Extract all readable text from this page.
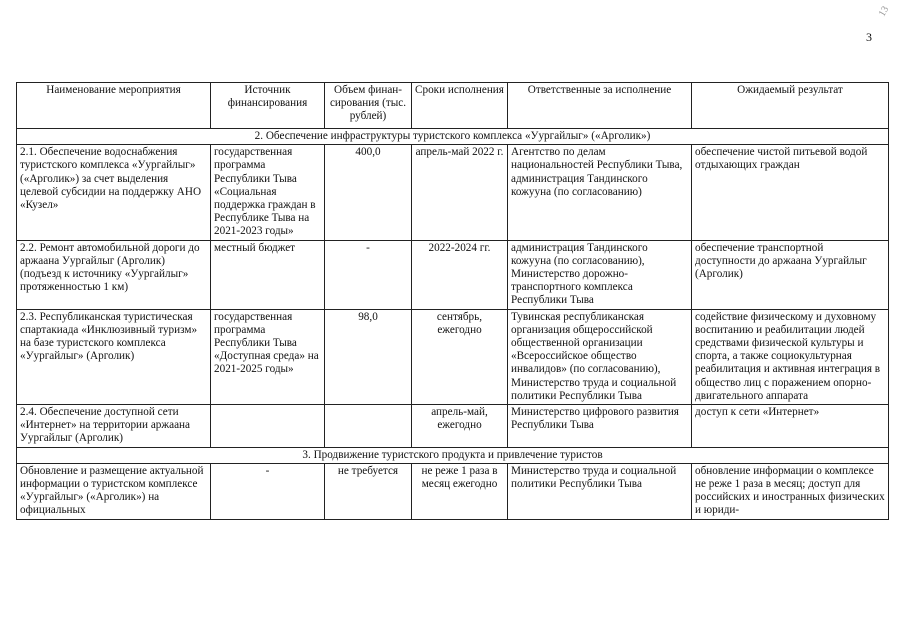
3
13
Наименование мероприятия	Источник финансирования	Объем финан-сирования (тыс. рублей)	Сроки исполнения	Ответственные за исполнение	Ожидаемый результат
2. Обеспечение инфраструктуры туристского комплекса «Уургайлыг» («Арголик»)					
2.1. Обеспечение водоснабжения туристского комплекса «Уургайлыг» («Арголик») за счет выделения целевой субсидии на поддержку АНО «Кузел»	государственная программа Республики Тыва «Социальная поддержка граждан в Республике Тыва на 2021-2023 годы»	400,0	апрель-май 2022 г.	Агентство по делам национальностей Республики Тыва, администрация Тандинского кожууна (по согласованию)	обеспечение чистой питьевой водой отдыхающих граждан
2.2. Ремонт автомобильной дороги до аржаана Уургайлыг (Арголик) (подъезд к источнику «Уургайлыг» протяженностью 1 км)	местный бюджет	-	2022-2024 гг.	администрация Тандинского кожууна (по согласованию), Министерство дорожно-транспортного комплекса Республики Тыва	обеспечение транспортной доступности до аржаана Уургайлыг (Арголик)
2.3. Республиканская туристическая спартакиада «Инклюзивный туризм» на базе туристского комплекса «Уургайлыг» (Арголик)	государственная программа Республики Тыва «Доступная среда» на 2021-2025 годы»	98,0	сентябрь, ежегодно	Тувинская республиканская организация общероссийской общественной организации «Всероссийское общество инвалидов» (по согласованию), Министерство труда и социальной политики Республики Тыва	содействие физическому и духовному воспитанию и реабилитации людей средствами физической культуры и спорта, а также социокультурная реабилитация и активная интеграция в общество лиц с поражением опорно-двигательного аппарата
2.4. Обеспечение доступной сети «Интернет» на территории аржаана Уургайлыг (Арголик)			апрель-май, ежегодно	Министерство цифрового развития Республики Тыва	доступ к сети «Интернет»
3. Продвижение туристского продукта и привлечение туристов					
Обновление и размещение актуальной информации о туристском комплексе «Уургайлыг» («Арголик») на официальных	-	не требуется	не реже 1 раза в месяц ежегодно	Министерство труда и социальной политики Республики Тыва	обновление информации о комплексе не реже 1 раза в месяц; доступ для российских и иностранных физических и юриди-
